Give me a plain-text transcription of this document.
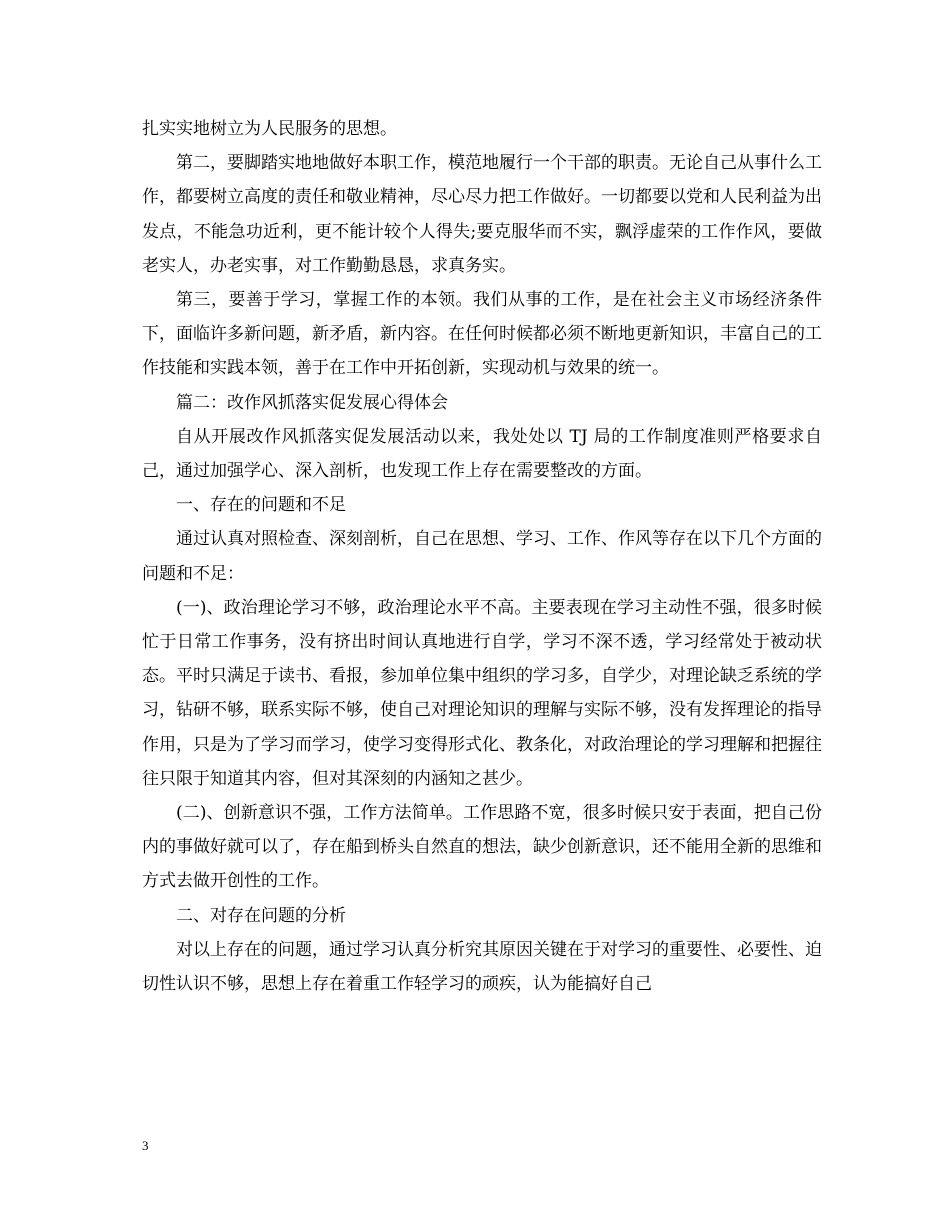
扎实实地树立为人民服务的思想。

第二，要脚踏实地地做好本职工作，模范地履行一个干部的职责。无论自己从事什么工作，都要树立高度的责任和敬业精神，尽心尽力把工作做好。一切都要以党和人民利益为出发点，不能急功近利，更不能计较个人得失;要克服华而不实，飘浮虚荣的工作作风，要做老实人，办老实事，对工作勤勤恳恳，求真务实。

第三，要善于学习，掌握工作的本领。我们从事的工作，是在社会主义市场经济条件下，面临许多新问题，新矛盾，新内容。在任何时候都必须不断地更新知识，丰富自己的工作技能和实践本领，善于在工作中开拓创新，实现动机与效果的统一。

篇二：改作风抓落实促发展心得体会

自从开展改作风抓落实促发展活动以来，我处处以 TJ 局的工作制度准则严格要求自己，通过加强学心、深入剖析，也发现工作上存在需要整改的方面。

一、存在的问题和不足

通过认真对照检查、深刻剖析，自己在思想、学习、工作、作风等存在以下几个方面的问题和不足：

(一)、政治理论学习不够，政治理论水平不高。主要表现在学习主动性不强，很多时候忙于日常工作事务，没有挤出时间认真地进行自学，学习不深不透，学习经常处于被动状态。平时只满足于读书、看报，参加单位集中组织的学习多，自学少，对理论缺乏系统的学习，钻研不够，联系实际不够，使自己对理论知识的理解与实际不够，没有发挥理论的指导作用，只是为了学习而学习，使学习变得形式化、教条化，对政治理论的学习理解和把握往往只限于知道其内容，但对其深刻的内涵知之甚少。

(二)、创新意识不强，工作方法简单。工作思路不宽，很多时候只安于表面，把自己份内的事做好就可以了，存在船到桥头自然直的想法，缺少创新意识，还不能用全新的思维和方式去做开创性的工作。

二、对存在问题的分析

对以上存在的问题，通过学习认真分析究其原因关键在于对学习的重要性、必要性、迫切性认识不够，思想上存在着重工作轻学习的顽疾，认为能搞好自己

3
